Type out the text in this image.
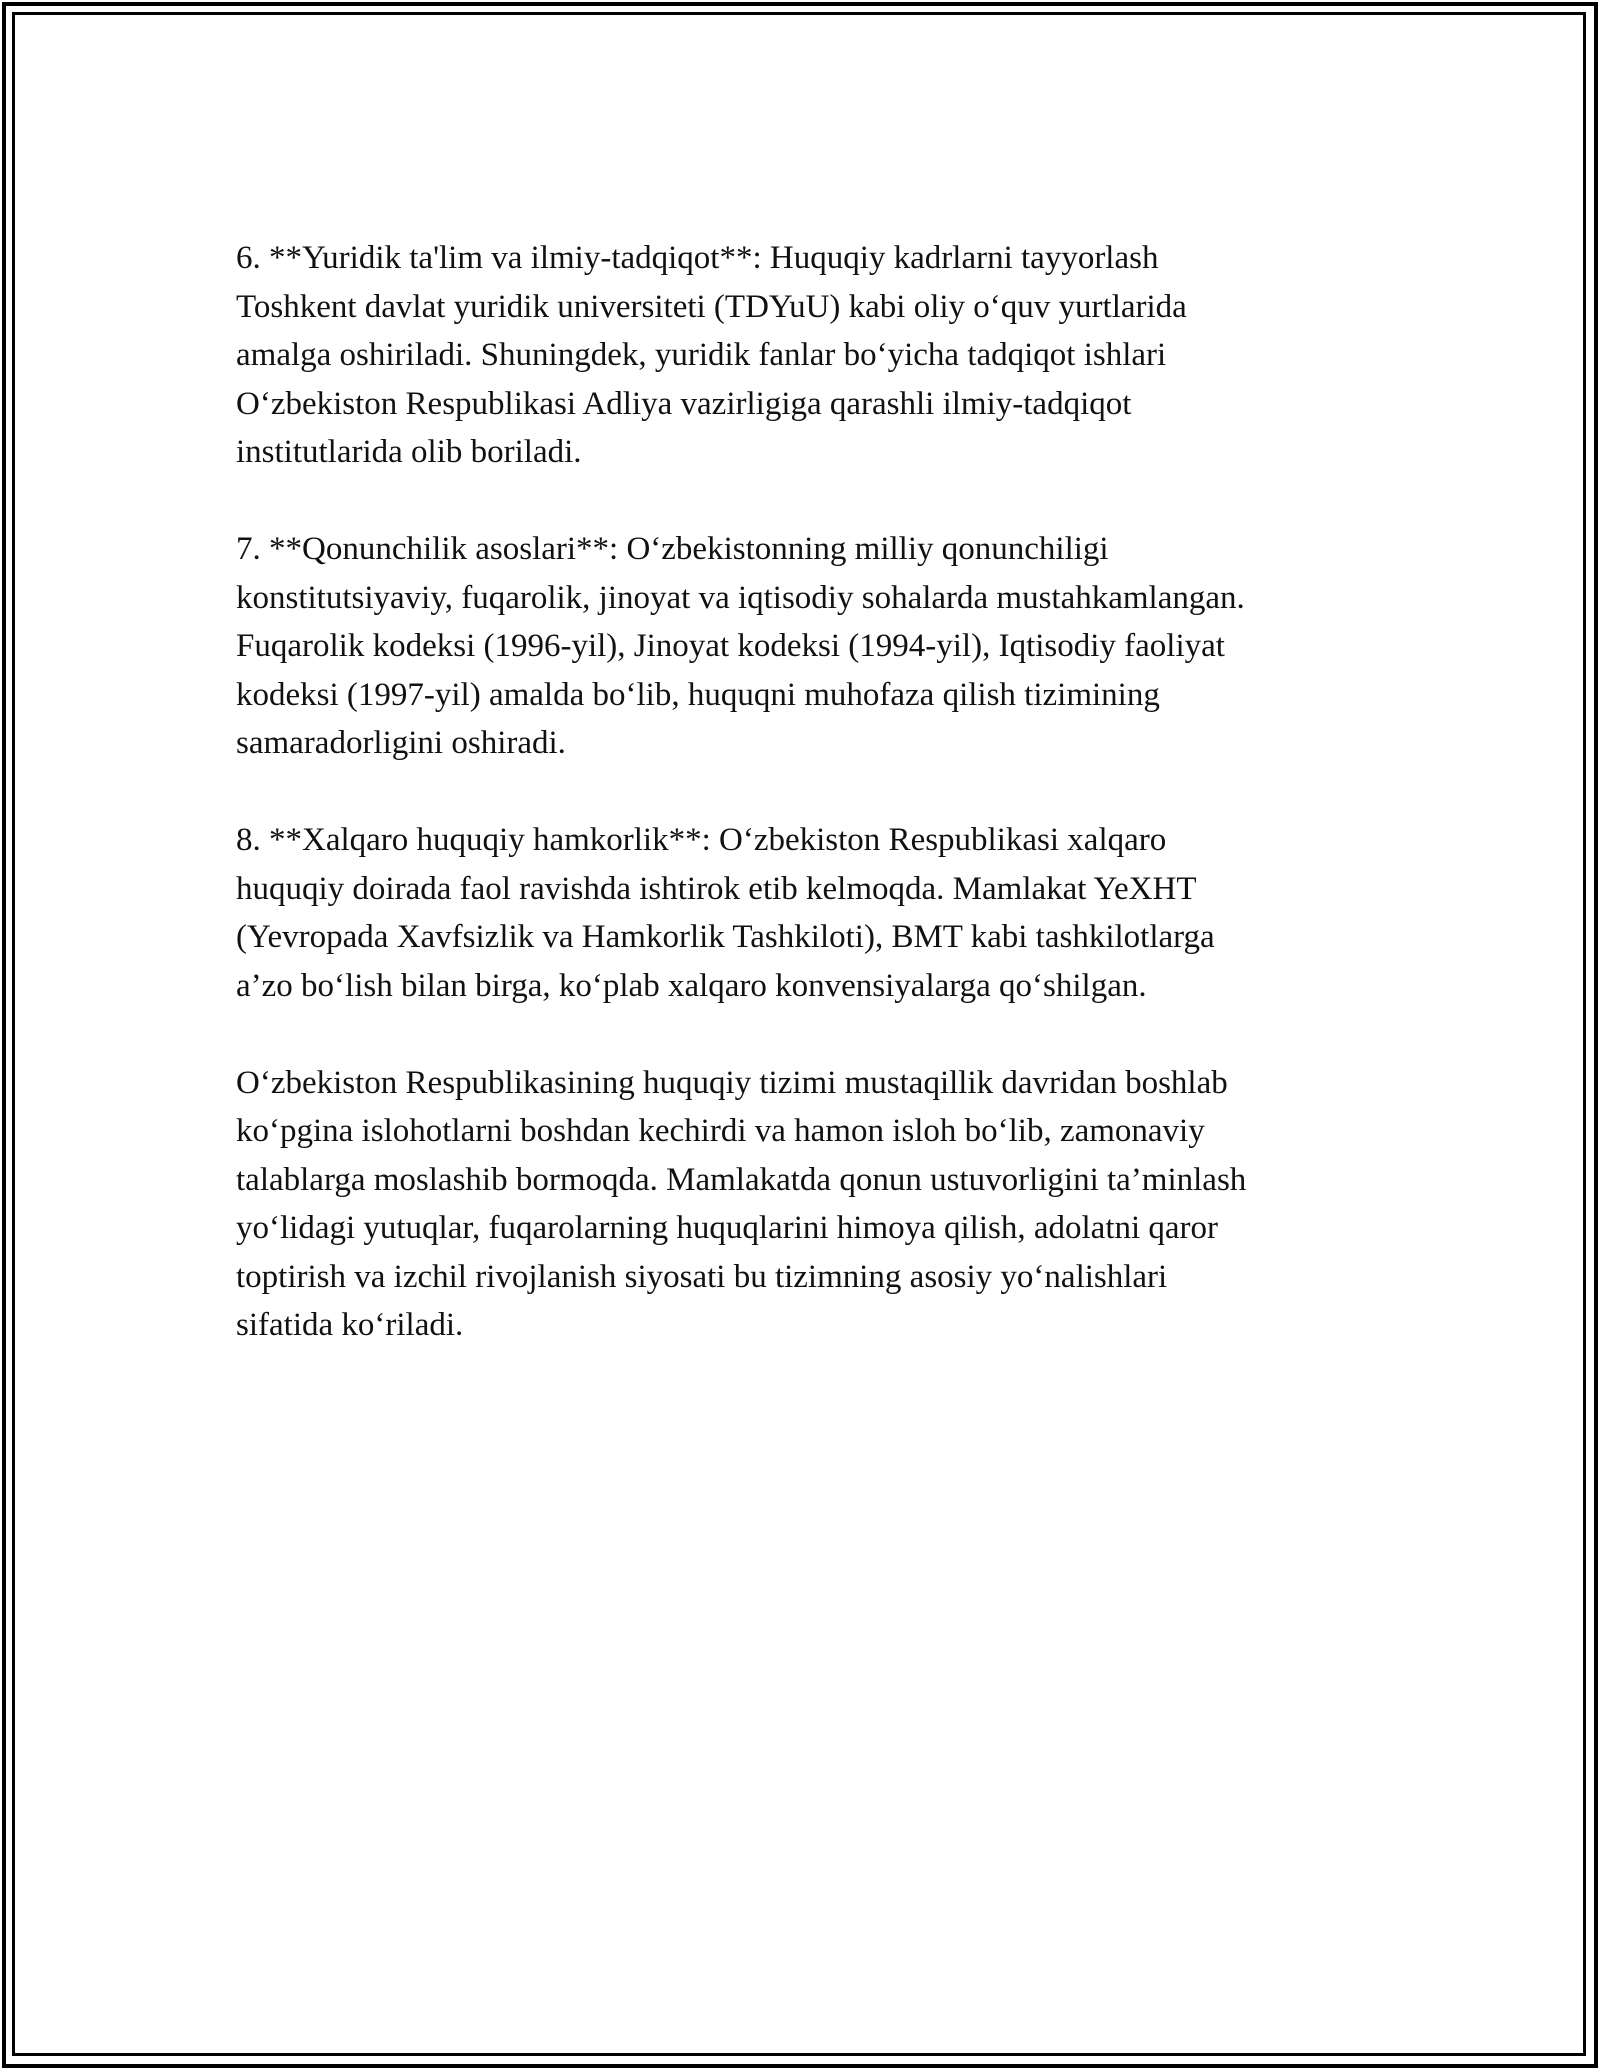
6. **Yuridik ta'lim va ilmiy-tadqiqot**: Huquqiy kadrlarni tayyorlash
Toshkent davlat yuridik universiteti (TDYuU) kabi oliy o‘quv yurtlarida
amalga oshiriladi. Shuningdek, yuridik fanlar bo‘yicha tadqiqot ishlari
O‘zbekiston Respublikasi Adliya vazirligiga qarashli ilmiy-tadqiqot
institutlarida olib boriladi.

7. **Qonunchilik asoslari**: O‘zbekistonning milliy qonunchiligi
konstitutsiyaviy, fuqarolik, jinoyat va iqtisodiy sohalarda mustahkamlangan.
Fuqarolik kodeksi (1996-yil), Jinoyat kodeksi (1994-yil), Iqtisodiy faoliyat
kodeksi (1997-yil) amalda bo‘lib, huquqni muhofaza qilish tizimining
samaradorligini oshiradi.

8. **Xalqaro huquqiy hamkorlik**: O‘zbekiston Respublikasi xalqaro
huquqiy doirada faol ravishda ishtirok etib kelmoqda. Mamlakat YeXHT
(Yevropada Xavfsizlik va Hamkorlik Tashkiloti), BMT kabi tashkilotlarga
a’zo bo‘lish bilan birga, ko‘plab xalqaro konvensiyalarga qo‘shilgan.

O‘zbekiston Respublikasining huquqiy tizimi mustaqillik davridan boshlab
ko‘pgina islohotlarni boshdan kechirdi va hamon isloh bo‘lib, zamonaviy
talablarga moslashib bormoqda. Mamlakatda qonun ustuvorligini ta’minlash
yo‘lidagi yutuqlar, fuqarolarning huquqlarini himoya qilish, adolatni qaror
toptirish va izchil rivojlanish siyosati bu tizimning asosiy yo‘nalishlari
sifatida ko‘riladi.
